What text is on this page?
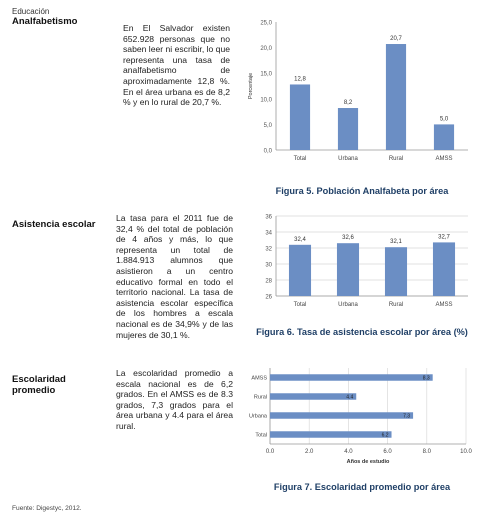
Educación
Analfabetismo
En El Salvador existen 652.928 personas que no saben leer ni escribir, lo que representa una tasa de analfabetismo de aproximadamente 12,8 %. En el área urbana es de 8,2 % y en lo rural de 20,7 %.
0,0
5,0
10,0
15,0
20,0
25,0
Porcentaje	12,8
Total
8,2
Urbana
20,7
Rural
5,0
AMSS
Figura 5. Población Analfabeta por área
Asistencia escolar
La tasa para el 2011 fue de 32,4 % del total de población de 4 años y más, lo que representa un total de 1.884.913 alumnos que asistieron a un centro educativo formal en todo el territorio nacional. La tasa de asistencia escolar específica de los hombres a escala nacional es de 34,9% y de las mujeres de 30,1 %.
26
28
30
32
34
36
32,4
Total
32,6
Urbana
32,1
Rural
32,7
AMSS
Figura 6. Tasa de asistencia escolar por área (%)
Escolaridad promedio
La escolaridad promedio a escala nacional es de 6,2 grados. En el AMSS es de 8.3 grados, 7,3 grados para el área urbana y 4.4 para el área rural.
0.0	2.0	4.0	6.0	8.0	10.0
Años de estudio
8.3
AMSS
4.4
Rural
7.3
Urbana
6.2
Total
Figura 7. Escolaridad promedio por área
Fuente: Digestyc, 2012.
